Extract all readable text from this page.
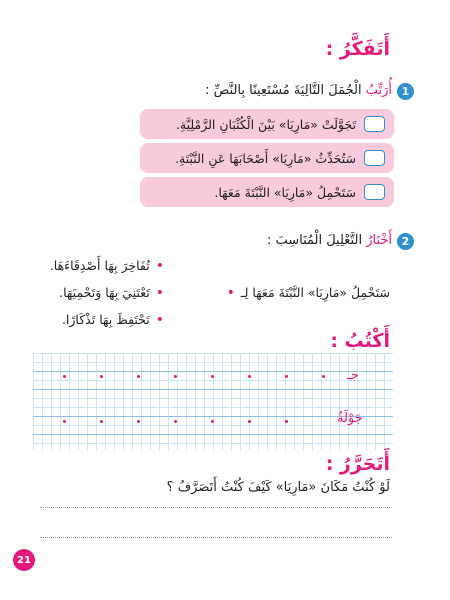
أَتَفَكَّرُ :
1
أُرَتِّبُ الْجُمَلَ التَّالِيَةَ مُسْتَعِينًا بِالنَّصِّ :
تَجَوَّلَتْ «مَارِيَا» بَيْنَ الْكُثْبَانِ الرَّمْلِيَّةِ.
سَتُحَدِّثُ «مَارِيَا» أَصْحَابَهَا عَنِ النَّبْتَةِ.
سَتَحْمِلُ «مَارِيَا» النَّبْتَةَ مَعَهَا.
2
أَخْتَارُ التَّعْلِيلَ الْمُنَاسِبَ :
سَتَحْمِلُ «مَارِيَا» النَّبْتَةَ مَعَهَا لِـ•
•تُفَاخِرَ بِهَا أَصْدِقَاءَهَا.
•تَعْتَنِيَ بِهَا وَتَحْمِيَهَا.
•تَحْتَفِظَ بِهَا تَذْكَارًا.
أَكْتُبُ :
جـ
جَوْلَةٌ
أَتَحَرَّرُ :
لَوْ كُنْتُ مَكَانَ «مَارِيَا» كَيْفَ كُنْتُ أَتَصَرَّفُ ؟
21
